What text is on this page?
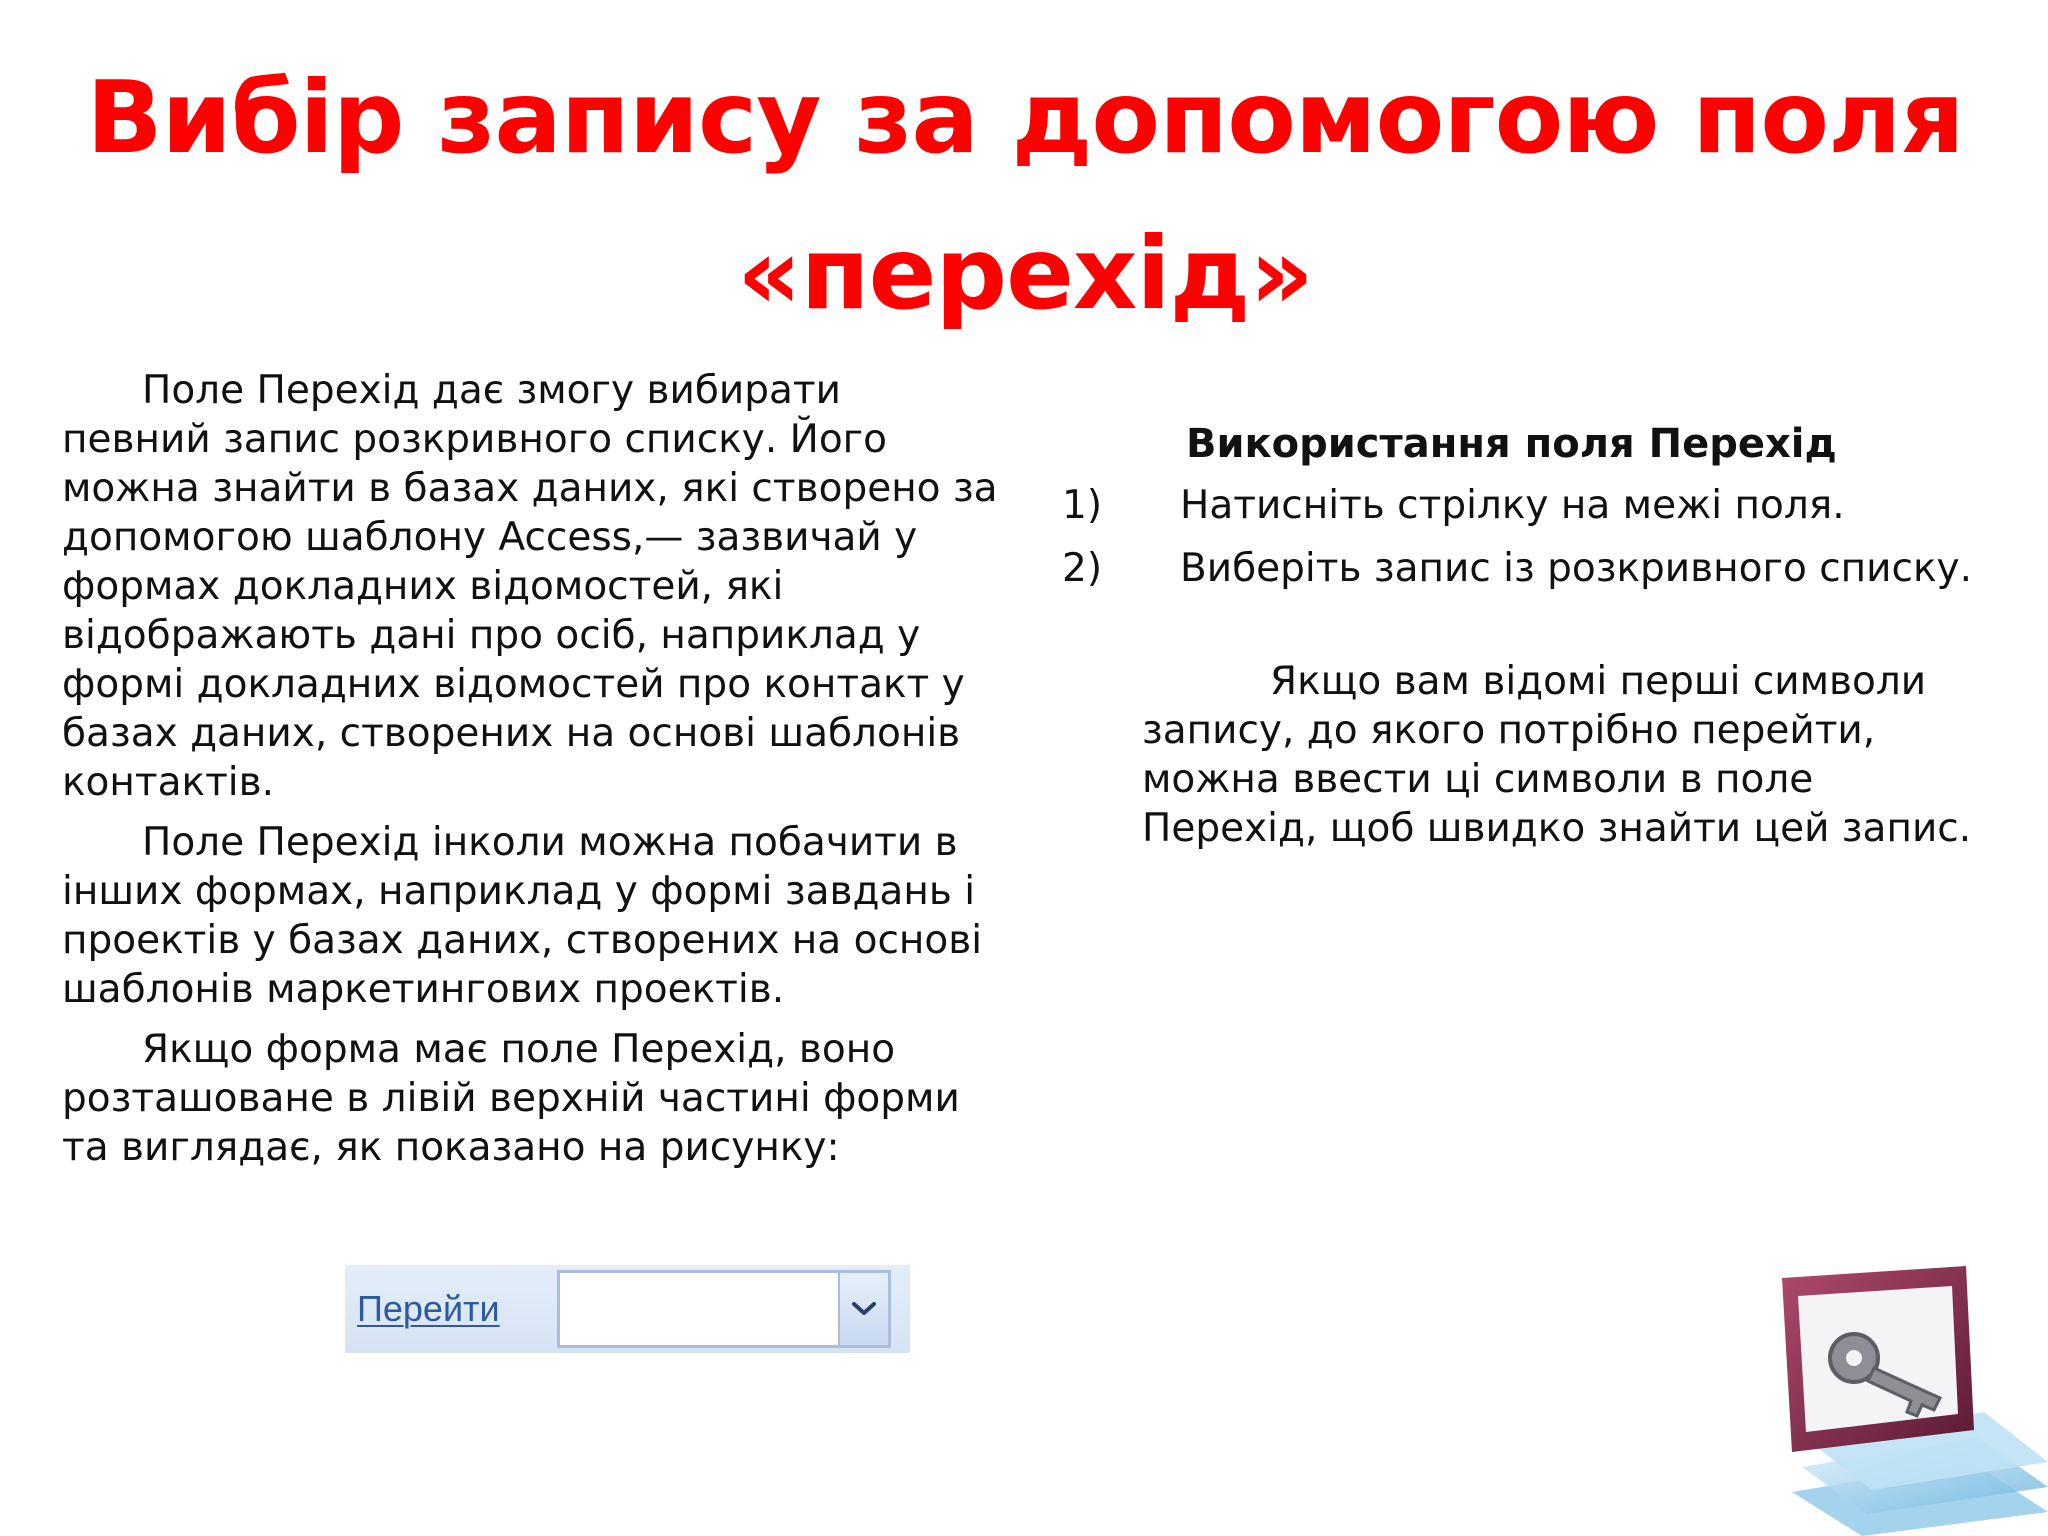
Вибір запису за допомогою поля «перехід»

Поле Перехід дає змогу вибирати певний запис розкривного списку. Його можна знайти в базах даних, які створено за допомогою шаблону Access,— зазвичай у формах докладних відомостей, які відображають дані про осіб, наприклад у формі докладних відомостей про контакт у базах даних, створених на основі шаблонів контактів.

Поле Перехід інколи можна побачити в інших формах, наприклад у формі завдань і проектів у базах даних, створених на основі шаблонів маркетингових проектів.

Якщо форма має поле Перехід, воно розташоване в лівій верхній частині форми та виглядає, як показано на рисунку:

Перейти
Використання поля Перехід
1)	Натисніть стрілку на межі поля.
2)	Виберіть запис із розкривного списку.

Якщо вам відомі перші символи запису, до якого потрібно перейти, можна ввести ці символи в поле Перехід, щоб швидко знайти цей запис.
